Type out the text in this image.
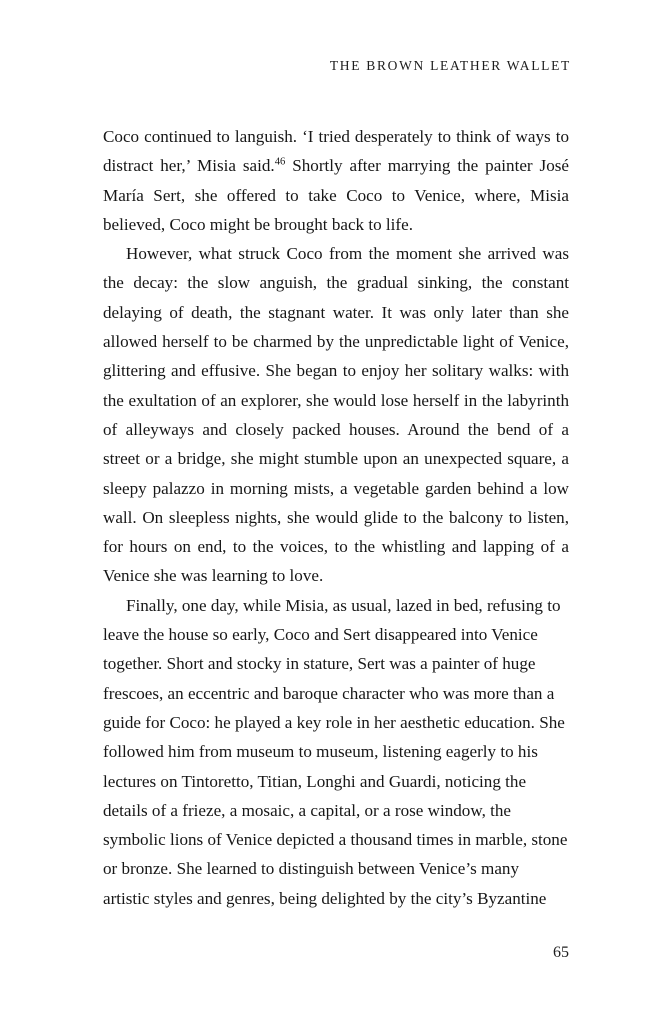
THE BROWN LEATHER WALLET

Coco continued to languish. ‘I tried desperately to think of ways to distract her,’ Misia said.$^{46}$ Shortly after marrying the painter José María Sert, she offered to take Coco to Venice, where, Misia believed, Coco might be brought back to life.

However, what struck Coco from the moment she arrived was the decay: the slow anguish, the gradual sinking, the constant delaying of death, the stagnant water. It was only later than she allowed herself to be charmed by the unpredictable light of Venice, glittering and effusive. She began to enjoy her solitary walks: with the exultation of an explorer, she would lose herself in the labyrinth of alleyways and closely packed houses. Around the bend of a street or a bridge, she might stumble upon an unexpected square, a sleepy palazzo in morning mists, a vegetable garden behind a low wall. On sleepless nights, she would glide to the balcony to listen, for hours on end, to the voices, to the whistling and lapping of a Venice she was learning to love.

Finally, one day, while Misia, as usual, lazed in bed, refusing to leave the house so early, Coco and Sert disappeared into Venice together. Short and stocky in stature, Sert was a painter of huge frescoes, an eccentric and baroque character who was more than a guide for Coco: he played a key role in her aesthetic education. She followed him from museum to museum, listening eagerly to his lectures on Tintoretto, Titian, Longhi and Guardi, noticing the details of a frieze, a mosaic, a capital, or a rose window, the symbolic lions of Venice depicted a thousand times in marble, stone or bronze. She learned to distinguish between Venice’s many artistic styles and genres, being delighted by the city’s Byzantine

65
